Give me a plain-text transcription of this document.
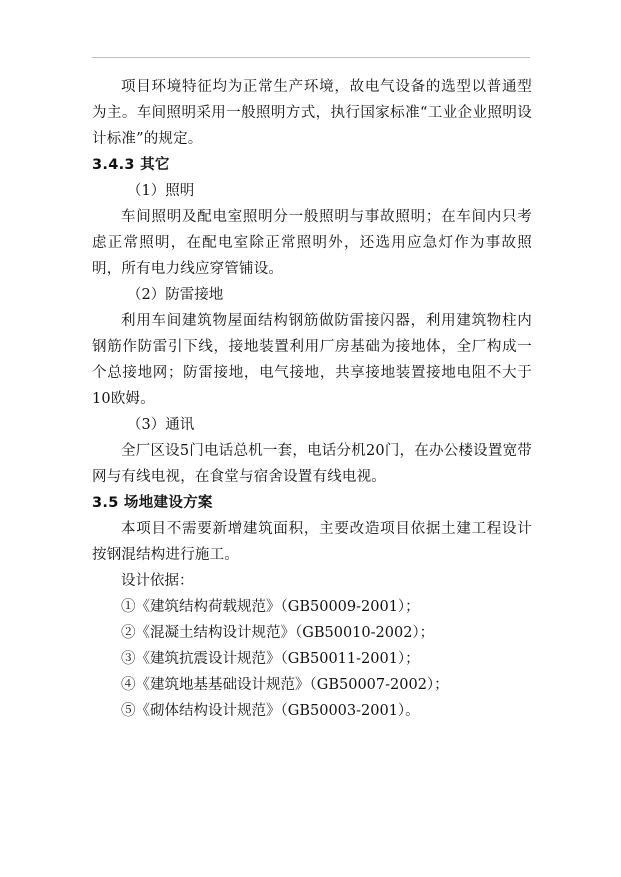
项目环境特征均为正常生产环境，故电气设备的选型以普通型为主。车间照明采用一般照明方式，执行国家标准“工业企业照明设计标准”的规定。

3.4.3 其它

（1）照明

车间照明及配电室照明分一般照明与事故照明；在车间内只考虑正常照明，在配电室除正常照明外，还选用应急灯作为事故照明，所有电力线应穿管铺设。

（2）防雷接地

利用车间建筑物屋面结构钢筋做防雷接闪器，利用建筑物柱内钢筋作防雷引下线，接地装置利用厂房基础为接地体，全厂构成一个总接地网；防雷接地，电气接地，共享接地装置接地电阻不大于10欧姆。

（3）通讯

全厂区设5门电话总机一套，电话分机20门，在办公楼设置宽带网与有线电视，在食堂与宿舍设置有线电视。

3.5 场地建设方案

本项目不需要新增建筑面积，主要改造项目依据土建工程设计按钢混结构进行施工。

设计依据：

①《建筑结构荷载规范》（GB50009-2001）；

②《混凝土结构设计规范》（GB50010-2002）；

③《建筑抗震设计规范》（GB50011-2001）；

④《建筑地基基础设计规范》（GB50007-2002）；

⑤《砌体结构设计规范》（GB50003-2001）。
